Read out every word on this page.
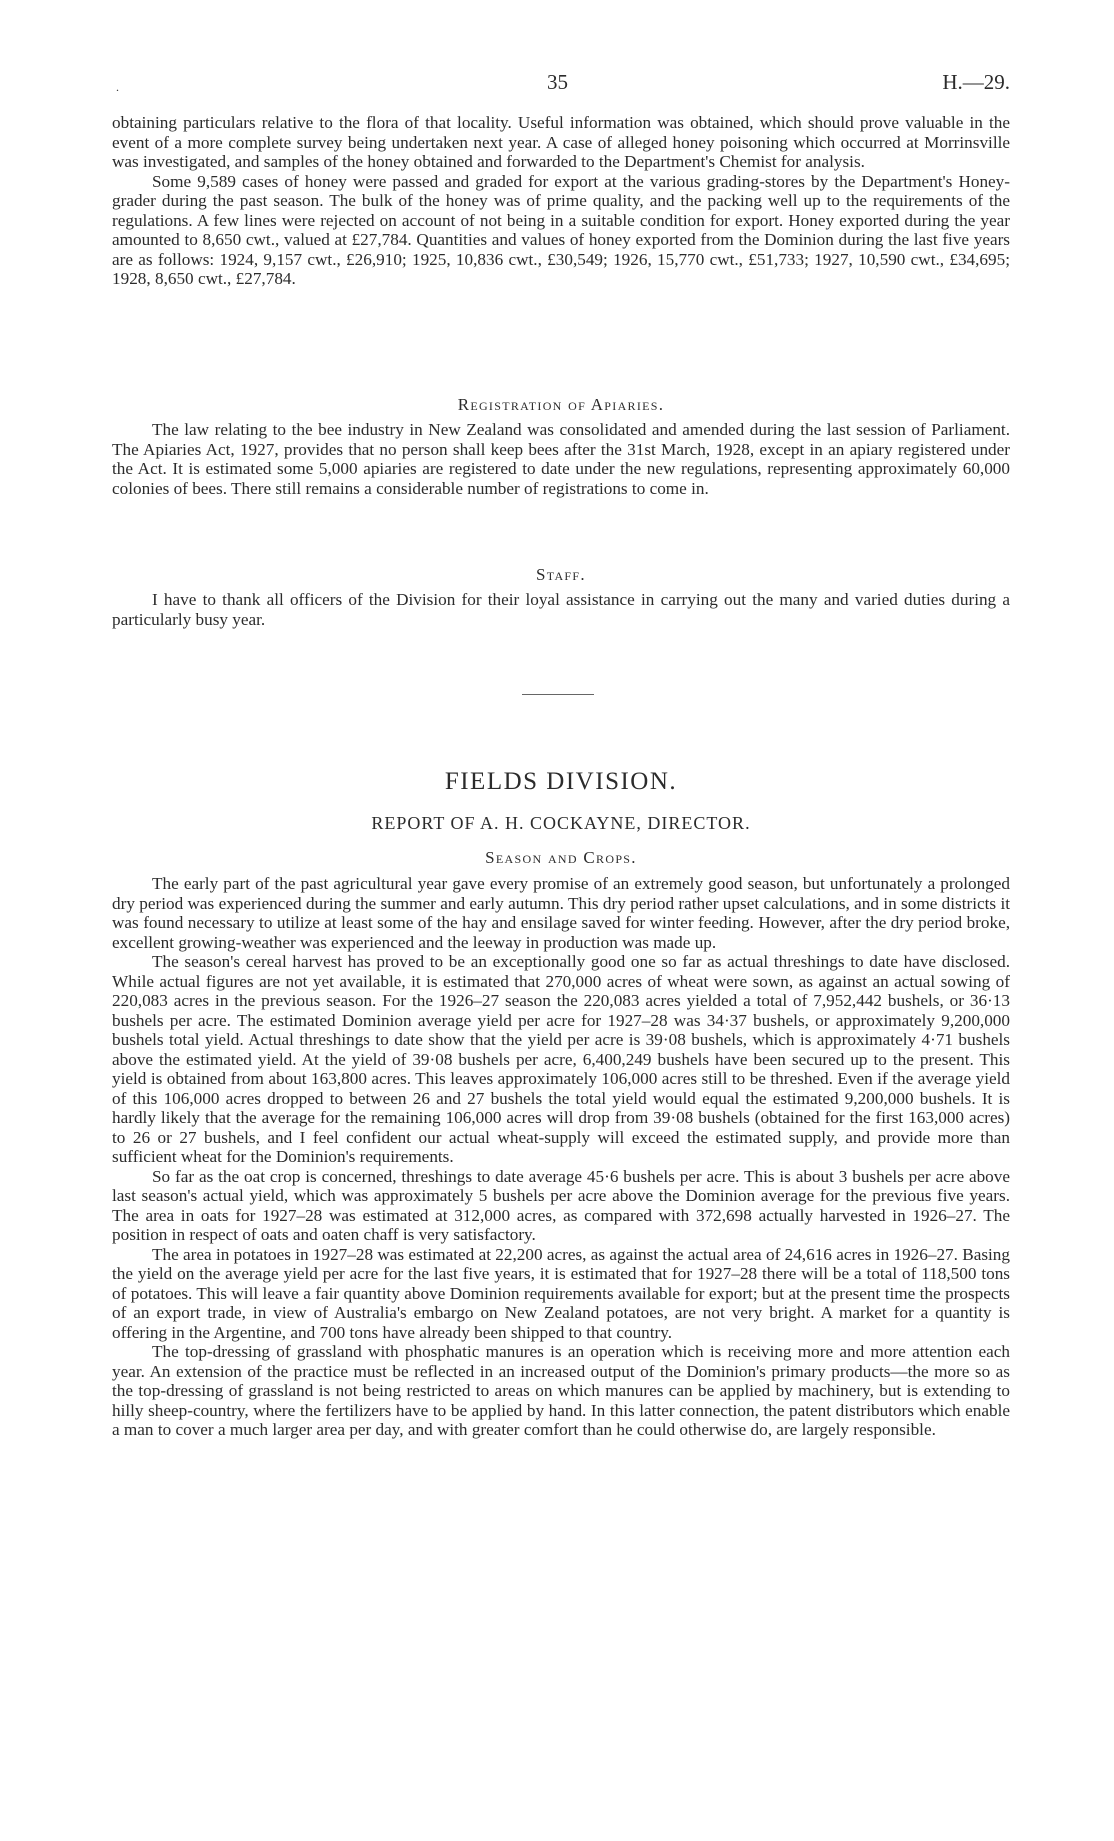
.	35	H.—29.

obtaining particulars relative to the flora of that locality. Useful information was obtained, which should prove valuable in the event of a more complete survey being undertaken next year. A case of alleged honey poisoning which occurred at Morrinsville was investigated, and samples of the honey obtained and forwarded to the Department's Chemist for analysis.

Some 9,589 cases of honey were passed and graded for export at the various grading-stores by the Department's Honey-grader during the past season. The bulk of the honey was of prime quality, and the packing well up to the requirements of the regulations. A few lines were rejected on account of not being in a suitable condition for export. Honey exported during the year amounted to 8,650 cwt., valued at £27,784. Quantities and values of honey exported from the Dominion during the last five years are as follows: 1924, 9,157 cwt., £26,910; 1925, 10,836 cwt., £30,549; 1926, 15,770 cwt., £51,733; 1927, 10,590 cwt., £34,695; 1928, 8,650 cwt., £27,784.

Registration of Apiaries.

The law relating to the bee industry in New Zealand was consolidated and amended during the last session of Parliament. The Apiaries Act, 1927, provides that no person shall keep bees after the 31st March, 1928, except in an apiary registered under the Act. It is estimated some 5,000 apiaries are registered to date under the new regulations, representing approximately 60,000 colonies of bees. There still remains a considerable number of registrations to come in.

Staff.

I have to thank all officers of the Division for their loyal assistance in carrying out the many and varied duties during a particularly busy year.

FIELDS DIVISION.
REPORT OF A. H. COCKAYNE, DIRECTOR.
Season and Crops.

The early part of the past agricultural year gave every promise of an extremely good season, but unfortunately a prolonged dry period was experienced during the summer and early autumn. This dry period rather upset calculations, and in some districts it was found necessary to utilize at least some of the hay and ensilage saved for winter feeding. However, after the dry period broke, excellent growing-weather was experienced and the leeway in production was made up.

The season's cereal harvest has proved to be an exceptionally good one so far as actual threshings to date have disclosed. While actual figures are not yet available, it is estimated that 270,000 acres of wheat were sown, as against an actual sowing of 220,083 acres in the previous season. For the 1926–27 season the 220,083 acres yielded a total of 7,952,442 bushels, or 36·13 bushels per acre. The estimated Dominion average yield per acre for 1927–28 was 34·37 bushels, or approximately 9,200,000 bushels total yield. Actual threshings to date show that the yield per acre is 39·08 bushels, which is approximately 4·71 bushels above the estimated yield. At the yield of 39·08 bushels per acre, 6,400,249 bushels have been secured up to the present. This yield is obtained from about 163,800 acres. This leaves approximately 106,000 acres still to be threshed. Even if the average yield of this 106,000 acres dropped to between 26 and 27 bushels the total yield would equal the estimated 9,200,000 bushels. It is hardly likely that the average for the remaining 106,000 acres will drop from 39·08 bushels (obtained for the first 163,000 acres) to 26 or 27 bushels, and I feel confident our actual wheat-supply will exceed the estimated supply, and provide more than sufficient wheat for the Dominion's requirements.

So far as the oat crop is concerned, threshings to date average 45·6 bushels per acre. This is about 3 bushels per acre above last season's actual yield, which was approximately 5 bushels per acre above the Dominion average for the previous five years. The area in oats for 1927–28 was estimated at 312,000 acres, as compared with 372,698 actually harvested in 1926–27. The position in respect of oats and oaten chaff is very satisfactory.

The area in potatoes in 1927–28 was estimated at 22,200 acres, as against the actual area of 24,616 acres in 1926–27. Basing the yield on the average yield per acre for the last five years, it is estimated that for 1927–28 there will be a total of 118,500 tons of potatoes. This will leave a fair quantity above Dominion requirements available for export; but at the present time the prospects of an export trade, in view of Australia's embargo on New Zealand potatoes, are not very bright. A market for a quantity is offering in the Argentine, and 700 tons have already been shipped to that country.

The top-dressing of grassland with phosphatic manures is an operation which is receiving more and more attention each year. An extension of the practice must be reflected in an increased output of the Dominion's primary products—the more so as the top-dressing of grassland is not being restricted to areas on which manures can be applied by machinery, but is extending to hilly sheep-country, where the fertilizers have to be applied by hand. In this latter connection, the patent distributors which enable a man to cover a much larger area per day, and with greater comfort than he could otherwise do, are largely responsible.
